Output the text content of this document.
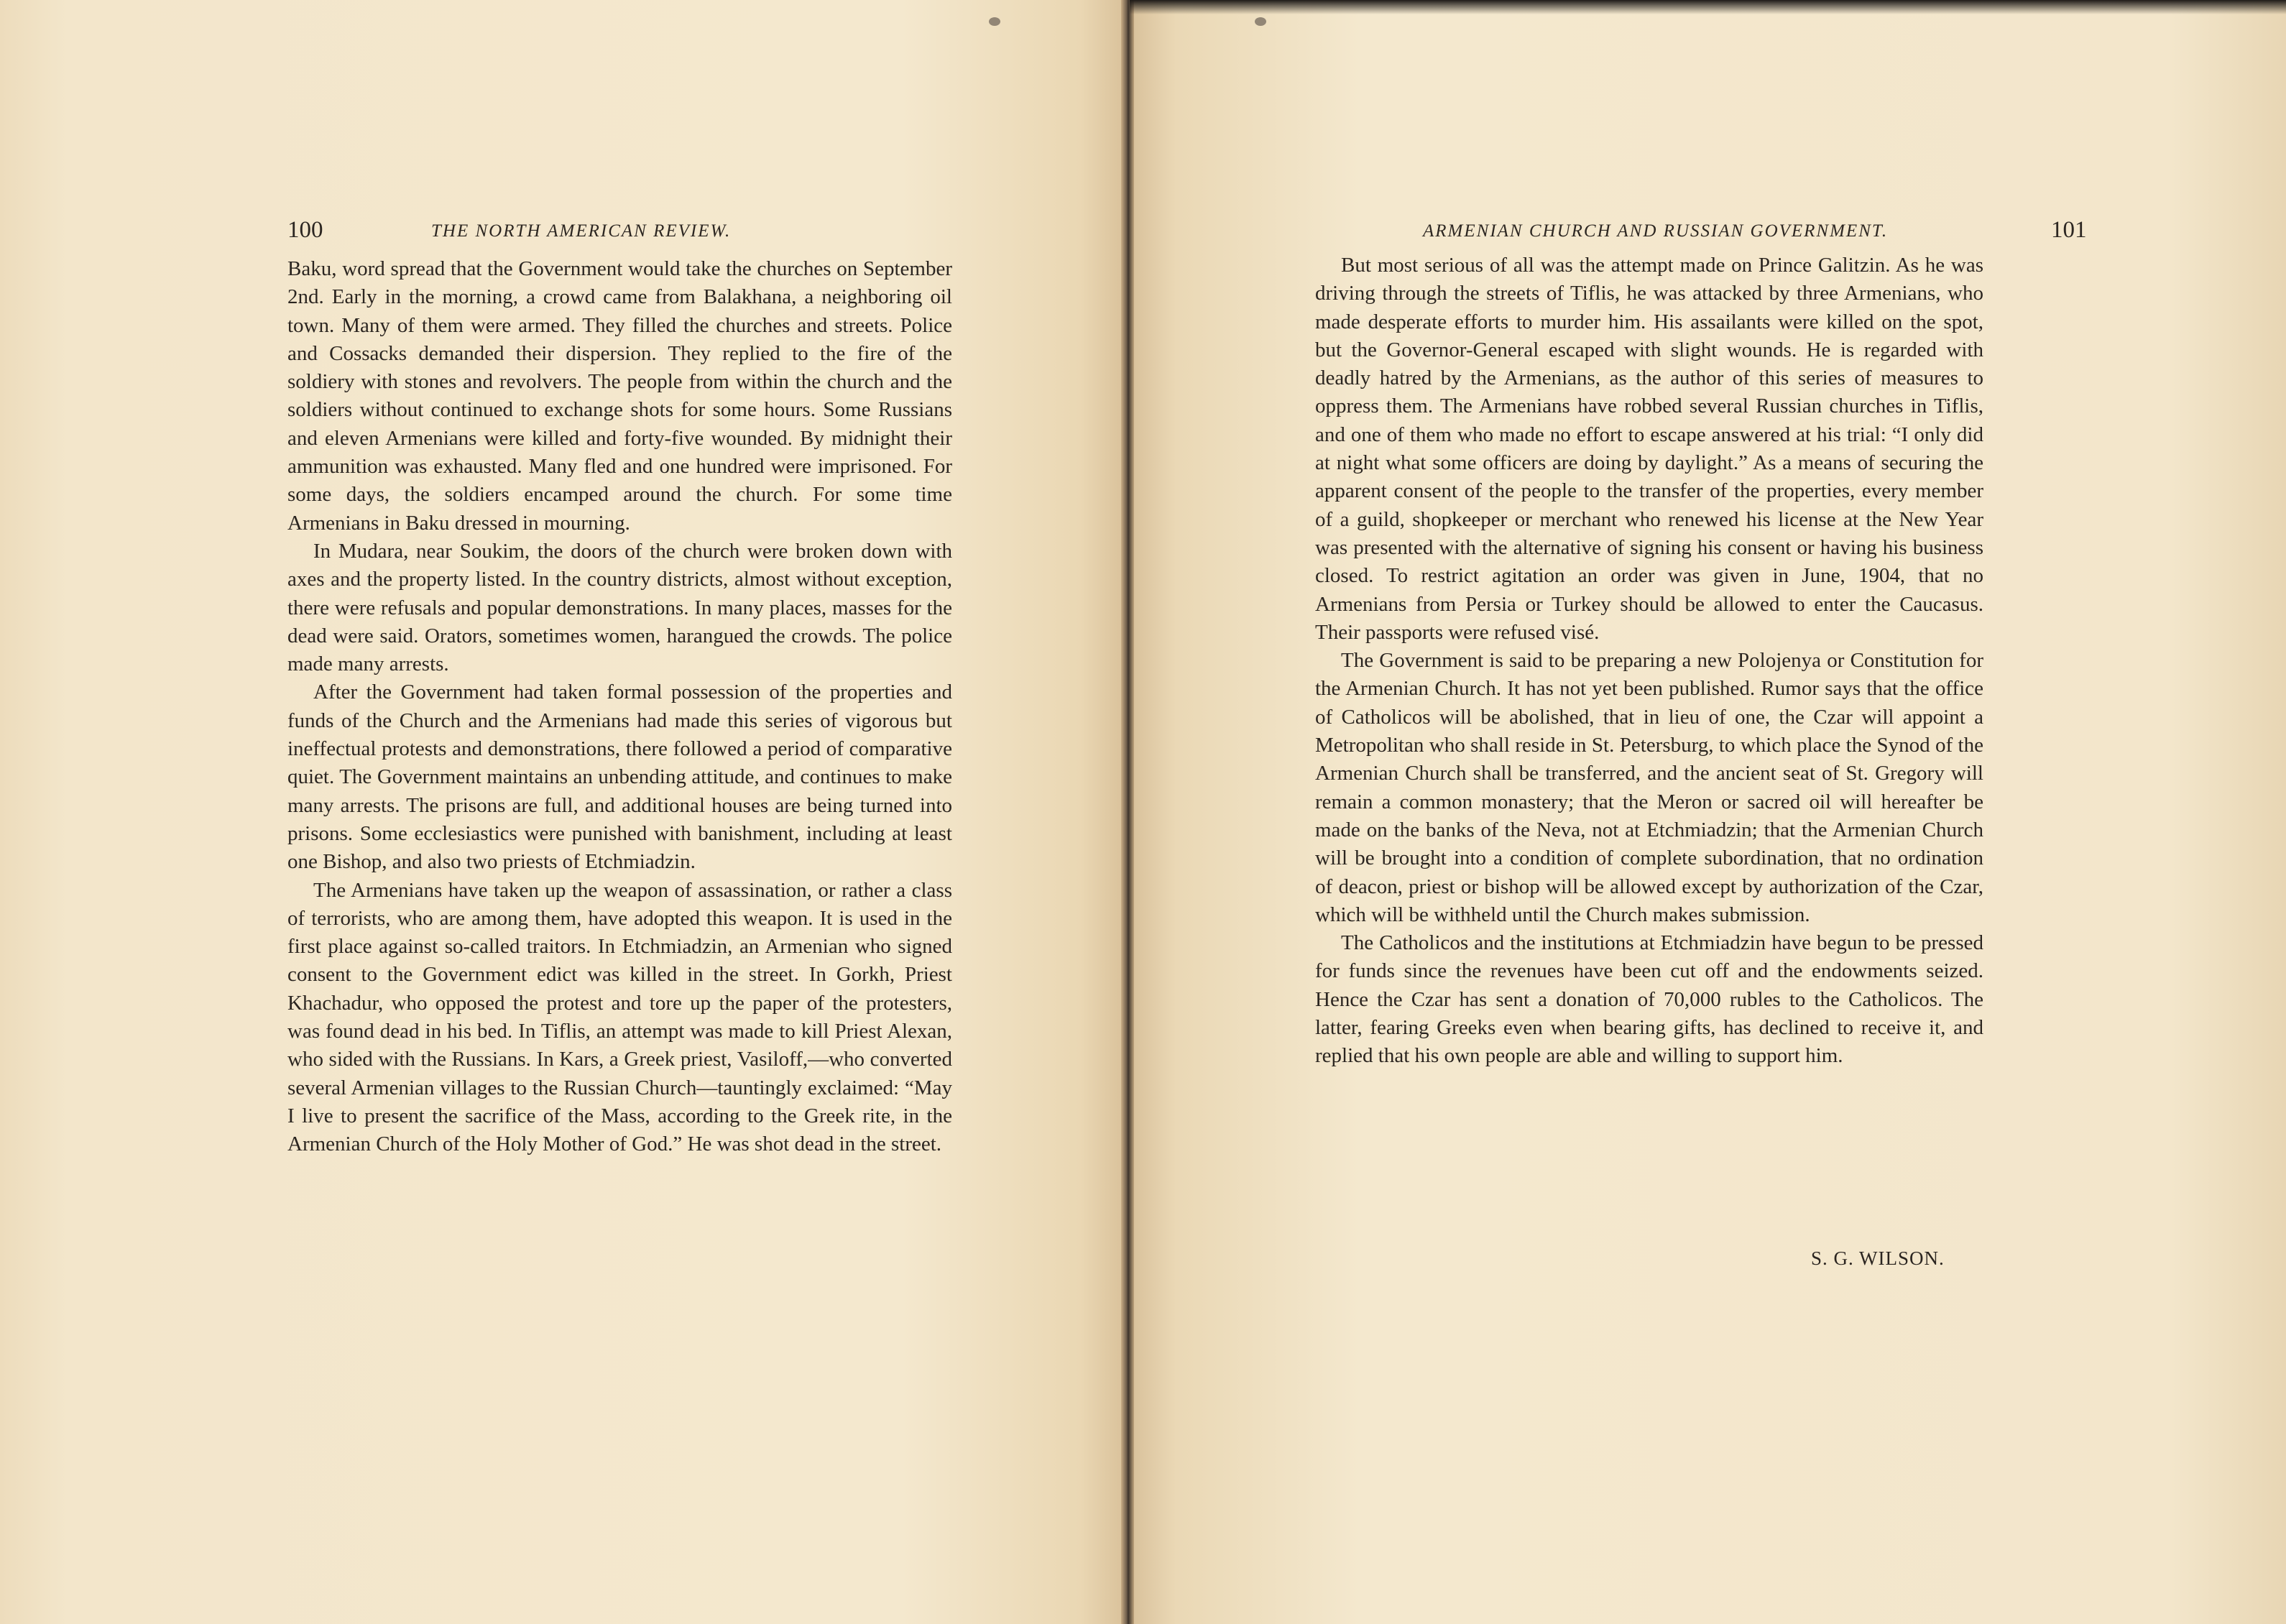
100	THE NORTH AMERICAN REVIEW.

Baku, word spread that the Government would take the churches on September 2nd. Early in the morning, a crowd came from Balakhana, a neighboring oil town. Many of them were armed. They filled the churches and streets. Police and Cossacks demanded their dispersion. They replied to the fire of the soldiery with stones and revolvers. The people from within the church and the soldiers without continued to exchange shots for some hours. Some Russians and eleven Armenians were killed and forty-five wounded. By midnight their ammunition was exhausted. Many fled and one hundred were imprisoned. For some days, the soldiers encamped around the church. For some time Armenians in Baku dressed in mourning.

In Mudara, near Soukim, the doors of the church were broken down with axes and the property listed. In the country districts, almost without exception, there were refusals and popular demonstrations. In many places, masses for the dead were said. Orators, sometimes women, harangued the crowds. The police made many arrests.

After the Government had taken formal possession of the properties and funds of the Church and the Armenians had made this series of vigorous but ineffectual protests and demonstrations, there followed a period of comparative quiet. The Government maintains an unbending attitude, and continues to make many arrests. The prisons are full, and additional houses are being turned into prisons. Some ecclesiastics were punished with banishment, including at least one Bishop, and also two priests of Etchmiadzin.

The Armenians have taken up the weapon of assassination, or rather a class of terrorists, who are among them, have adopted this weapon. It is used in the first place against so-called traitors. In Etchmiadzin, an Armenian who signed consent to the Government edict was killed in the street. In Gorkh, Priest Khachadur, who opposed the protest and tore up the paper of the protesters, was found dead in his bed. In Tiflis, an attempt was made to kill Priest Alexan, who sided with the Russians. In Kars, a Greek priest, Vasiloff,—who converted several Armenian villages to the Russian Church—tauntingly exclaimed: “May I live to present the sacrifice of the Mass, according to the Greek rite, in the Armenian Church of the Holy Mother of God.” He was shot dead in the street.

ARMENIAN CHURCH AND RUSSIAN GOVERNMENT.	101

But most serious of all was the attempt made on Prince Galitzin. As he was driving through the streets of Tiflis, he was attacked by three Armenians, who made desperate efforts to murder him. His assailants were killed on the spot, but the Governor-General escaped with slight wounds. He is regarded with deadly hatred by the Armenians, as the author of this series of measures to oppress them. The Armenians have robbed several Russian churches in Tiflis, and one of them who made no effort to escape answered at his trial: “I only did at night what some officers are doing by daylight.” As a means of securing the apparent consent of the people to the transfer of the properties, every member of a guild, shopkeeper or merchant who renewed his license at the New Year was presented with the alternative of signing his consent or having his business closed. To restrict agitation an order was given in June, 1904, that no Armenians from Persia or Turkey should be allowed to enter the Caucasus. Their passports were refused visé.

The Government is said to be preparing a new Polojenya or Constitution for the Armenian Church. It has not yet been published. Rumor says that the office of Catholicos will be abolished, that in lieu of one, the Czar will appoint a Metropolitan who shall reside in St. Petersburg, to which place the Synod of the Armenian Church shall be transferred, and the ancient seat of St. Gregory will remain a common monastery; that the Meron or sacred oil will hereafter be made on the banks of the Neva, not at Etchmiadzin; that the Armenian Church will be brought into a condition of complete subordination, that no ordination of deacon, priest or bishop will be allowed except by authorization of the Czar, which will be withheld until the Church makes submission.

The Catholicos and the institutions at Etchmiadzin have begun to be pressed for funds since the revenues have been cut off and the endowments seized. Hence the Czar has sent a donation of 70,000 rubles to the Catholicos. The latter, fearing Greeks even when bearing gifts, has declined to receive it, and replied that his own people are able and willing to support him.

S. G. WILSON.
